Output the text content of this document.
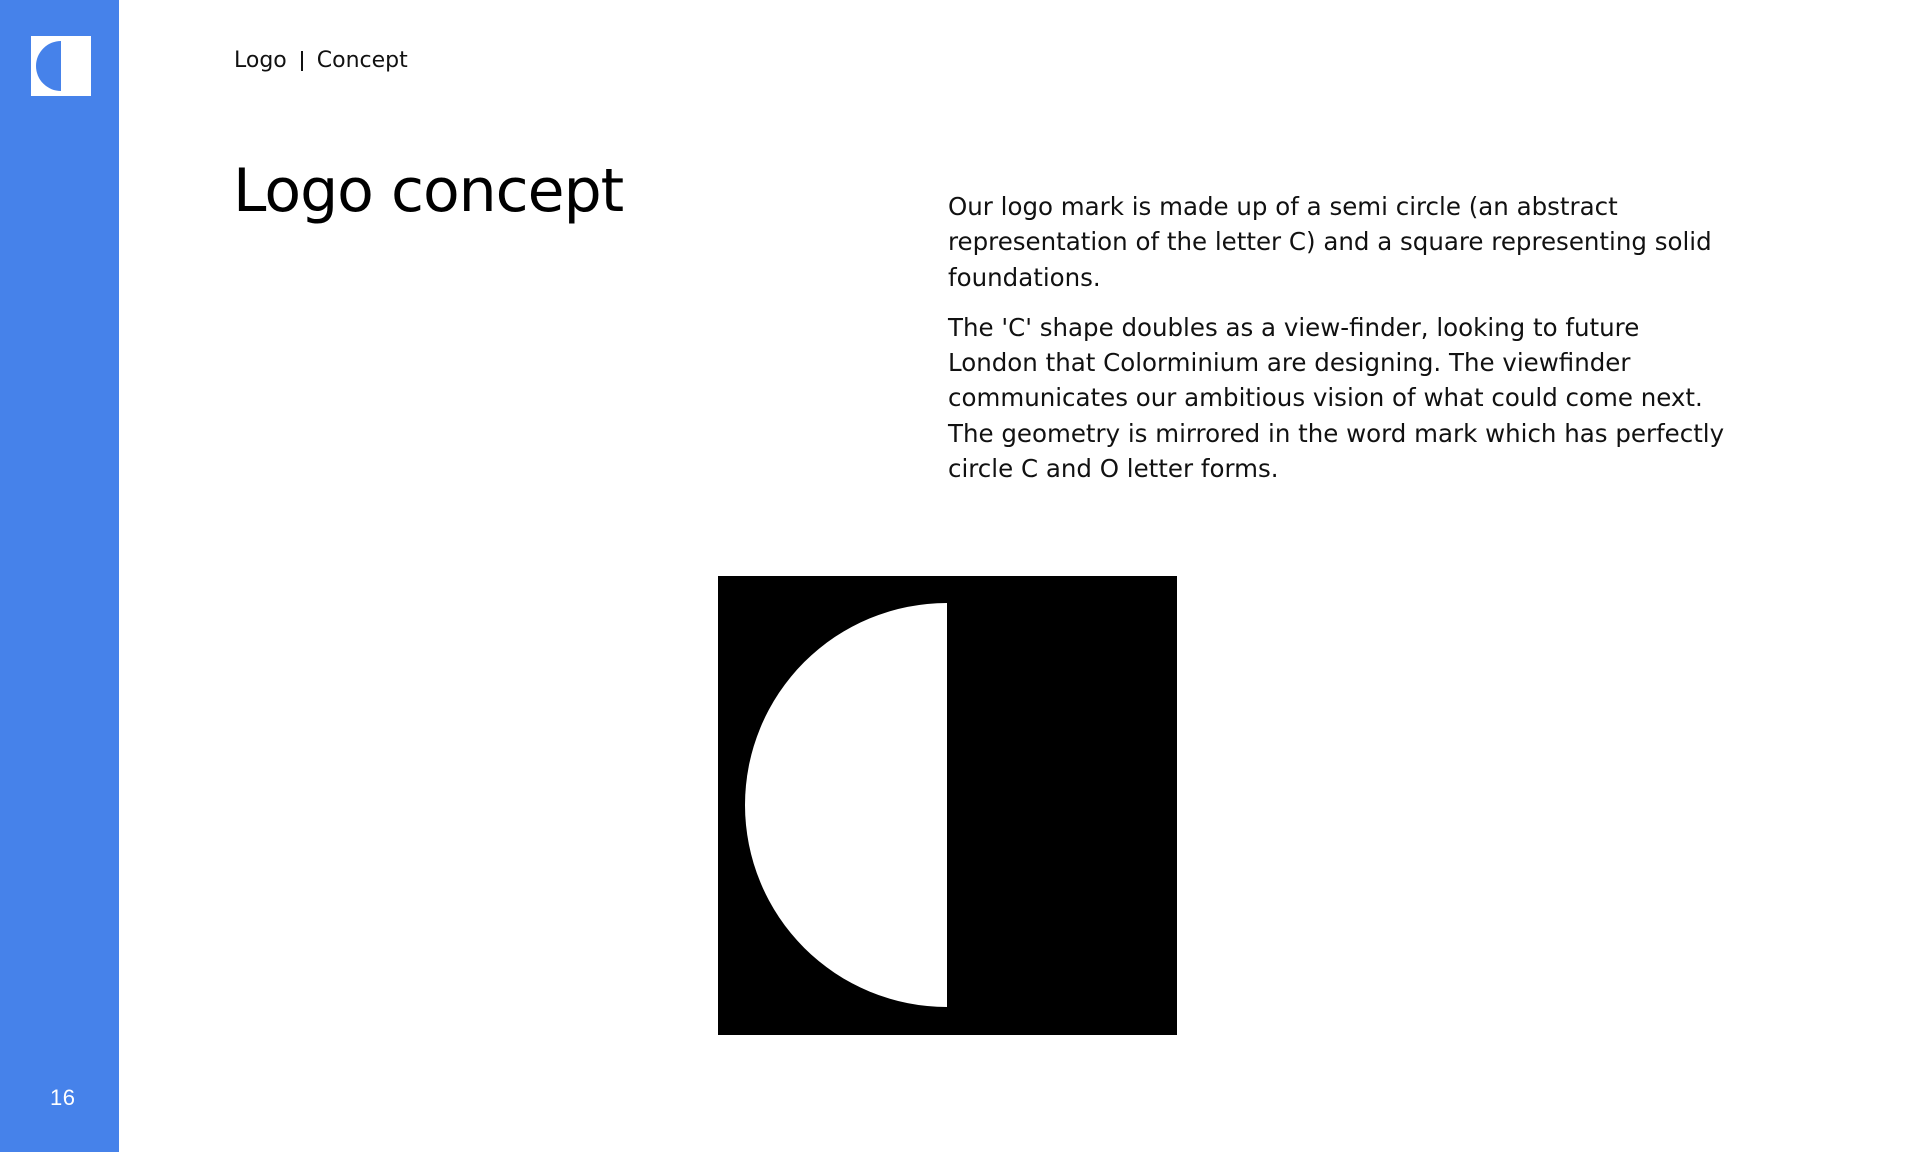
16
Logo Concept
Logo concept	Our logo mark is made up of a semi circle (an abstract representation of the letter C) and a square representing solid foundations.

The 'C' shape doubles as a view-finder, looking to future London that Colorminium are designing. The viewfinder communicates our ambitious vision of what could come next. The geometry is mirrored in the word mark which has perfectly circle C and O letter forms.
